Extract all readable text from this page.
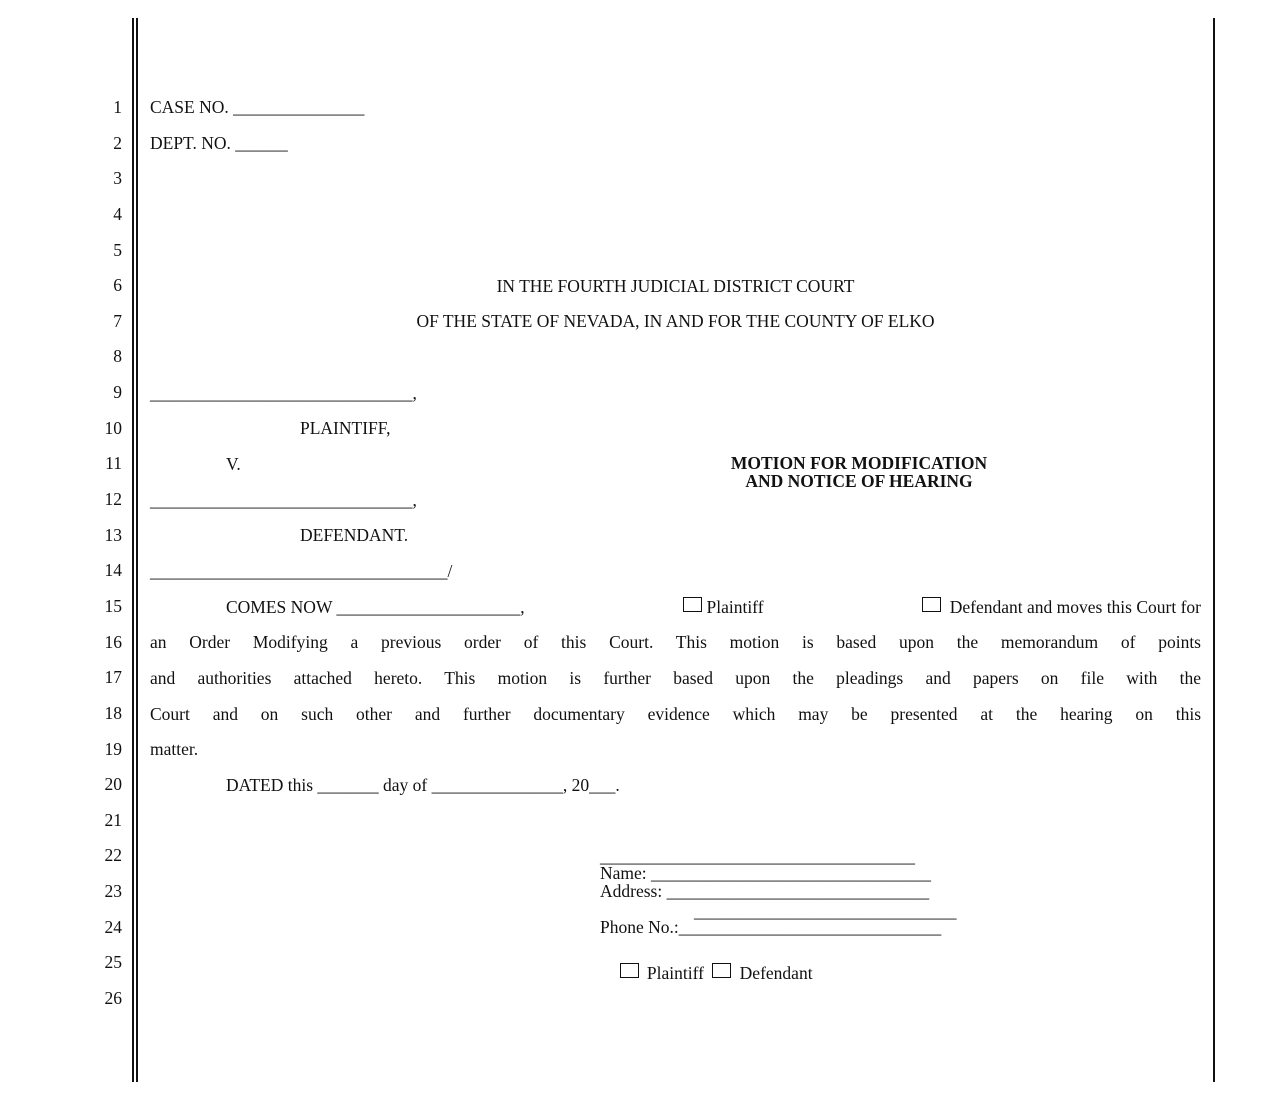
1
2
3
4
5
6
7
8
9
10
11
12
13
14
15
16
17
18
19
20
21
22
23
24
25
26
CASE NO. _______________
DEPT. NO. ______
IN THE FOURTH JUDICIAL DISTRICT COURT
OF THE STATE OF NEVADA, IN AND FOR THE COUNTY OF ELKO
______________________________,
PLAINTIFF,
V.
______________________________,
DEFENDANT.
__________________________________/
MOTION FOR MODIFICATION
AND NOTICE OF HEARING
COMES NOW _____________________,	Plaintiff	Defendant and moves this Court for
an Order Modifying a previous order of this Court. This motion is based upon the memorandum of points
and authorities attached hereto. This motion is further based upon the pleadings and papers on file with the
Court and on such other and further documentary evidence which may be presented at the hearing on this
matter.
DATED this _______ day of _______________, 20___.
____________________________________
Name: ________________________________
Address: ______________________________
______________________________
Phone No.:______________________________

Plaintiff Defendant
